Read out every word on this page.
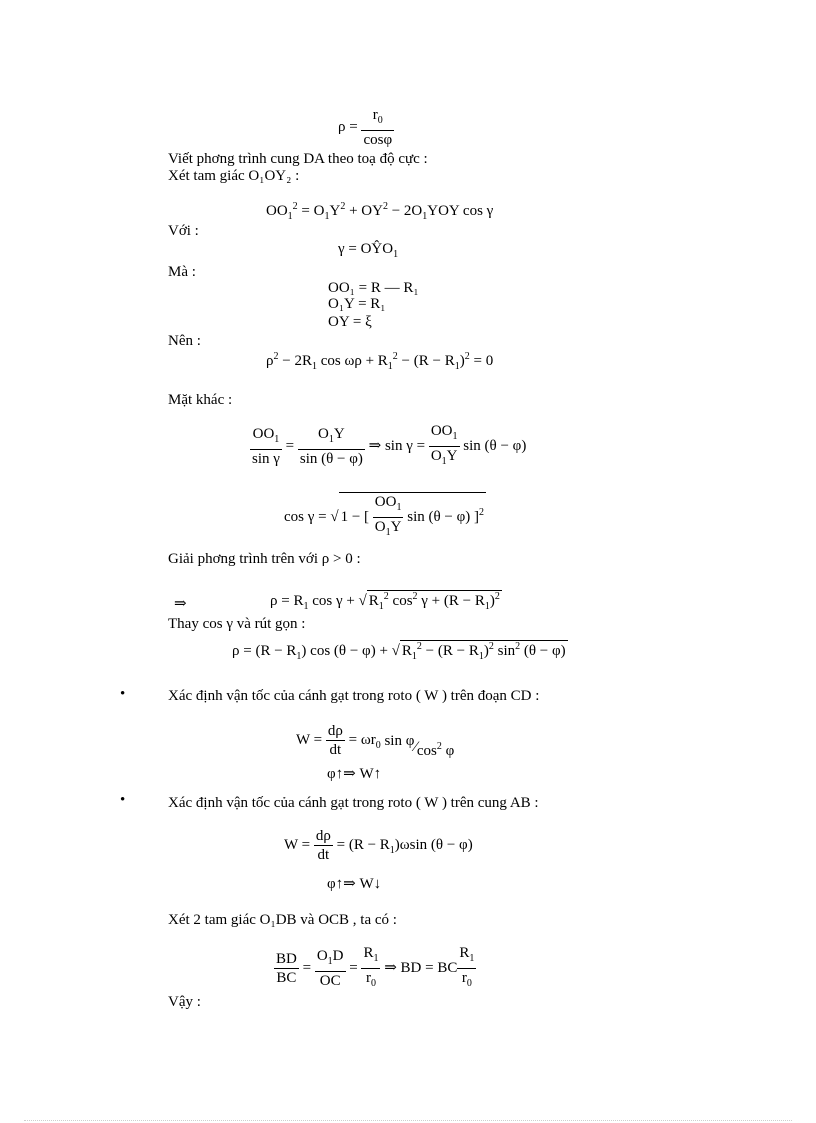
$\rho = \frac{r_0}{\cos\varphi}$
Viết phơng trình cung DA theo toạ độ cực :
Xét tam giác O₁OY₂ :
$OO_1^2 = O_1Y^2 + OY^2 - 2O_1YOY$ cos γ
Với :
$\gamma = OŶO_1$
Mà :
OO₁ = R — R₁
O₁Y = R₁
OY = ξ
Nên :
$\rho^2 - 2R_1$ $\cos \omega\rho + R_1^2 - (R - R_1)^2 = 0$
Mặt khác :
$\frac{OO_1}{\text{sin γ}} = \frac{O_1Y}{\sin (\theta - \varphi)}$ ⇒ $\sin \gamma = \frac{OO_1}{O_1Y}$ sin (θ − φ)
cos γ = √ 1 − [ $\frac{OO_1}{O_1Y}$ sin (θ − φ) ]$^2$
Giải phơng trình trên với ρ > 0 :
⇒	$\rho = R_1$ cos γ + √ $R_1^2$ $\cos^2 \gamma + (R - R_1)^2$
Thay cos γ và rút gọn :
$\rho = (R - R_1)$ cos (θ − φ) + √ $R_1^2 - (R - R_1)^2$ $\sin^2 (\theta - \varphi)$
•	Xác định vận tốc của cánh gạt trong roto ( W ) trên đoạn CD :
$W = \frac{d\rho}{dt} = \omega r_0$ $\sin \varphi⁄\cos^2$ φ
φ↑⇒ W↑
•	Xác định vận tốc của cánh gạt trong roto ( W ) trên cung AB :
$W = \frac{d\rho}{dt} = (R - R_1)\omega\sin$ (θ − φ)
φ↑⇒ W↓
Xét 2 tam giác O₁DB và OCB , ta có :
$\frac{BD}{BC} = \frac{O_1D}{OC} = \frac{R_1}{r_0}$ ⇒ BD = BC $\frac{R_1}{r_0}$
Vậy :
